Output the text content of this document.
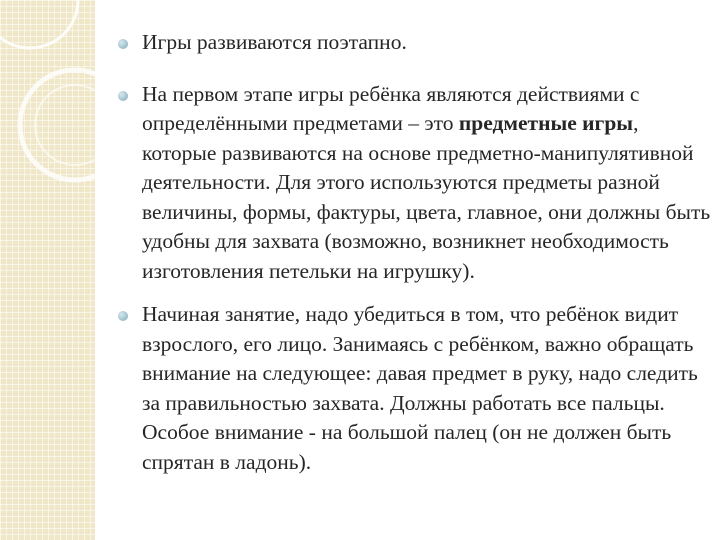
Игры развиваются поэтапно.
На первом этапе игры ребёнка являются действиями с определёнными предметами – это предметные игры, которые развиваются на основе предметно-манипулятивной деятельности. Для этого используются предметы разной величины, формы, фактуры, цвета, главное, они должны быть удобны для захвата (возможно, возникнет необходимость изготовления петельки на игрушку).
Начиная занятие, надо убедиться в том, что ребёнок видит взрослого, его лицо. Занимаясь с ребёнком, важно обращать внимание на следующее: давая предмет в руку, надо следить за правильностью захвата. Должны работать все пальцы. Особое внимание - на большой палец (он не должен быть спрятан в ладонь).
